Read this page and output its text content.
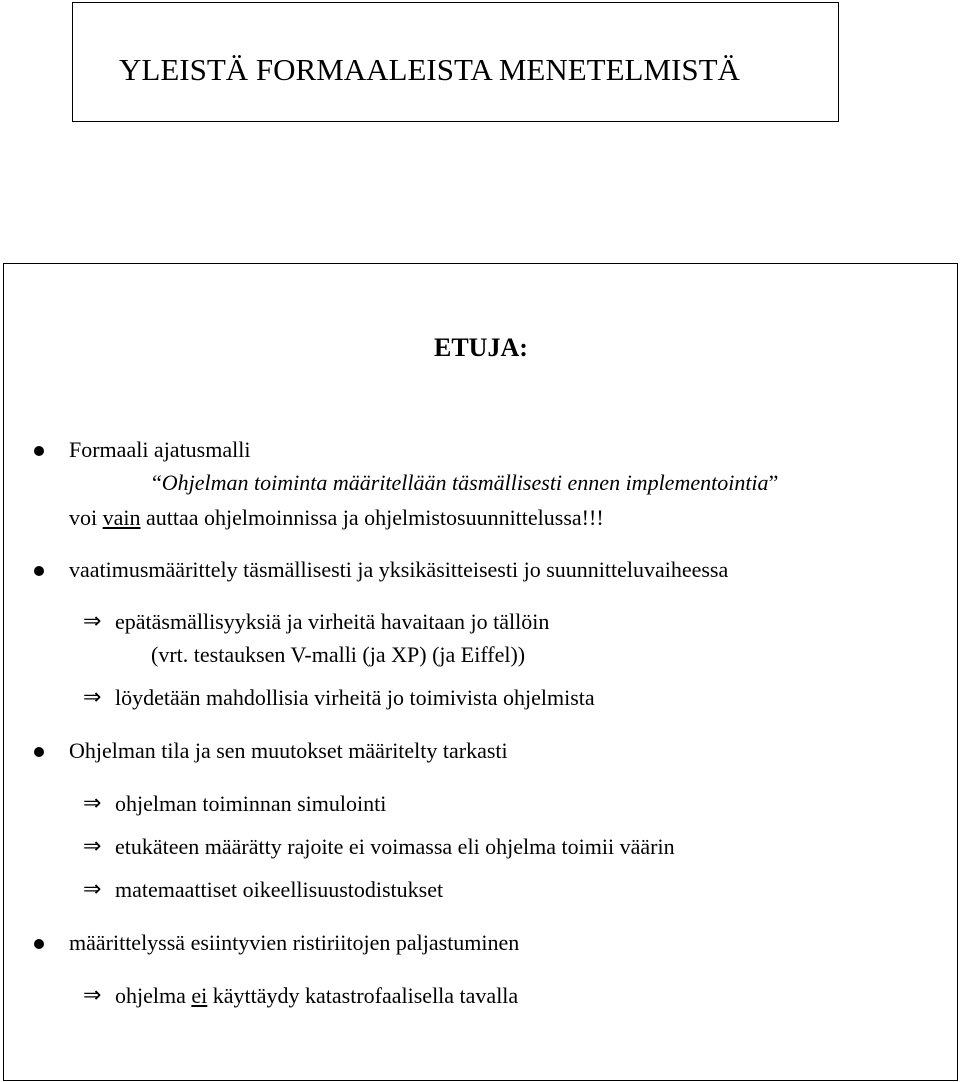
YLEISTÄ FORMAALEISTA MENETELMISTÄ
ETUJA:
Formaali ajatusmalli
“Ohjelman toiminta määritellään täsmällisesti ennen implementointia”
voi vain auttaa ohjelmoinnissa ja ohjelmistosuunnittelussa!!!
vaatimusmäärittely täsmällisesti ja yksikäsitteisesti jo suunnitteluvaiheessa
⇒ epätäsmällisyyksiä ja virheitä havaitaan jo tällöin
(vrt. testauksen V-malli (ja XP) (ja Eiffel))
⇒ löydetään mahdollisia virheitä jo toimivista ohjelmista
Ohjelman tila ja sen muutokset määritelty tarkasti
⇒ ohjelman toiminnan simulointi
⇒ etukäteen määrätty rajoite ei voimassa eli ohjelma toimii väärin
⇒ matemaattiset oikeellisuustodistukset
määrittelyssä esiintyvien ristiriitojen paljastuminen
⇒ ohjelma ei käyttäydy katastrofaalisella tavalla
